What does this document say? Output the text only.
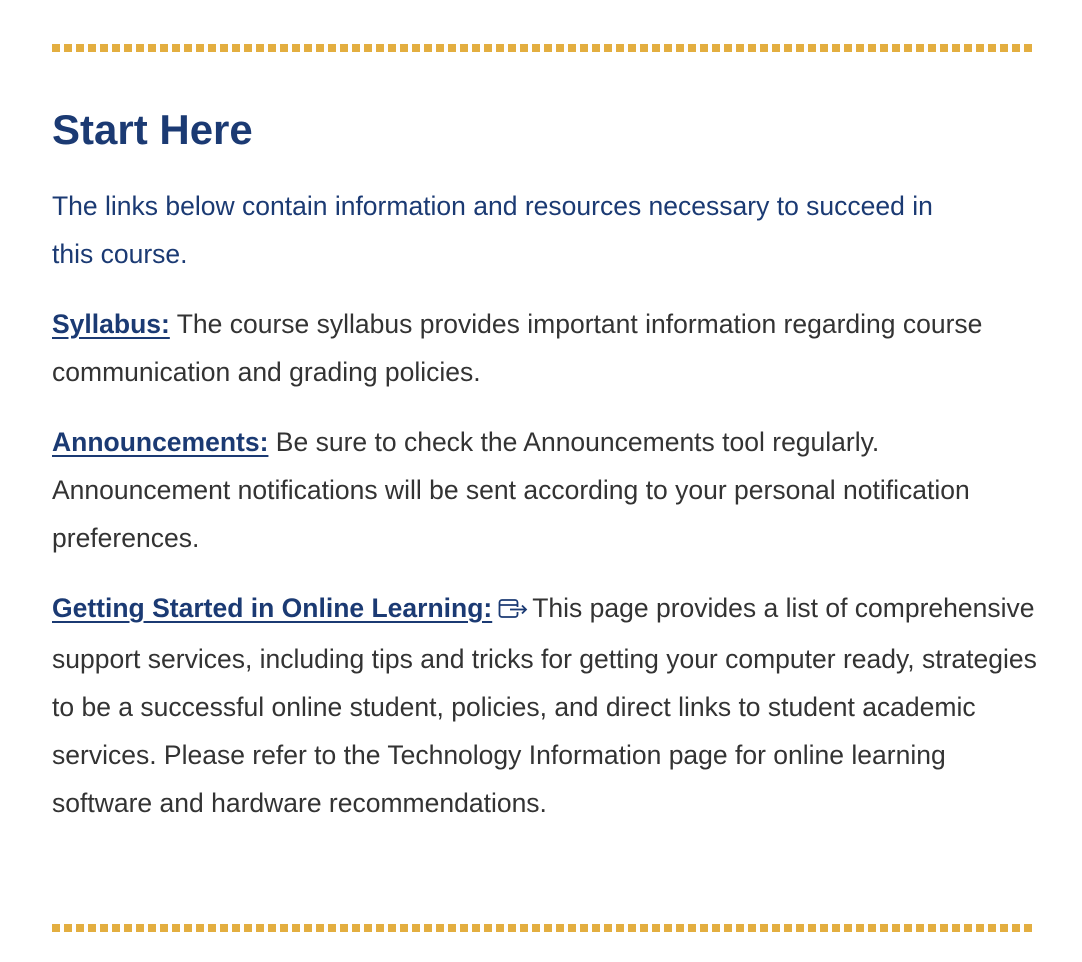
Start Here

The links below contain information and resources necessary to succeed in this course.

Syllabus: The course syllabus provides important information regarding course communication and grading policies.

Announcements: Be sure to check the Announcements tool regularly. Announcement notifications will be sent according to your personal notification preferences.

Getting Started in Online Learning: This page provides a list of comprehensive support services, including tips and tricks for getting your computer ready, strategies to be a successful online student, policies, and direct links to student academic services. Please refer to the Technology Information page for online learning software and hardware recommendations.
